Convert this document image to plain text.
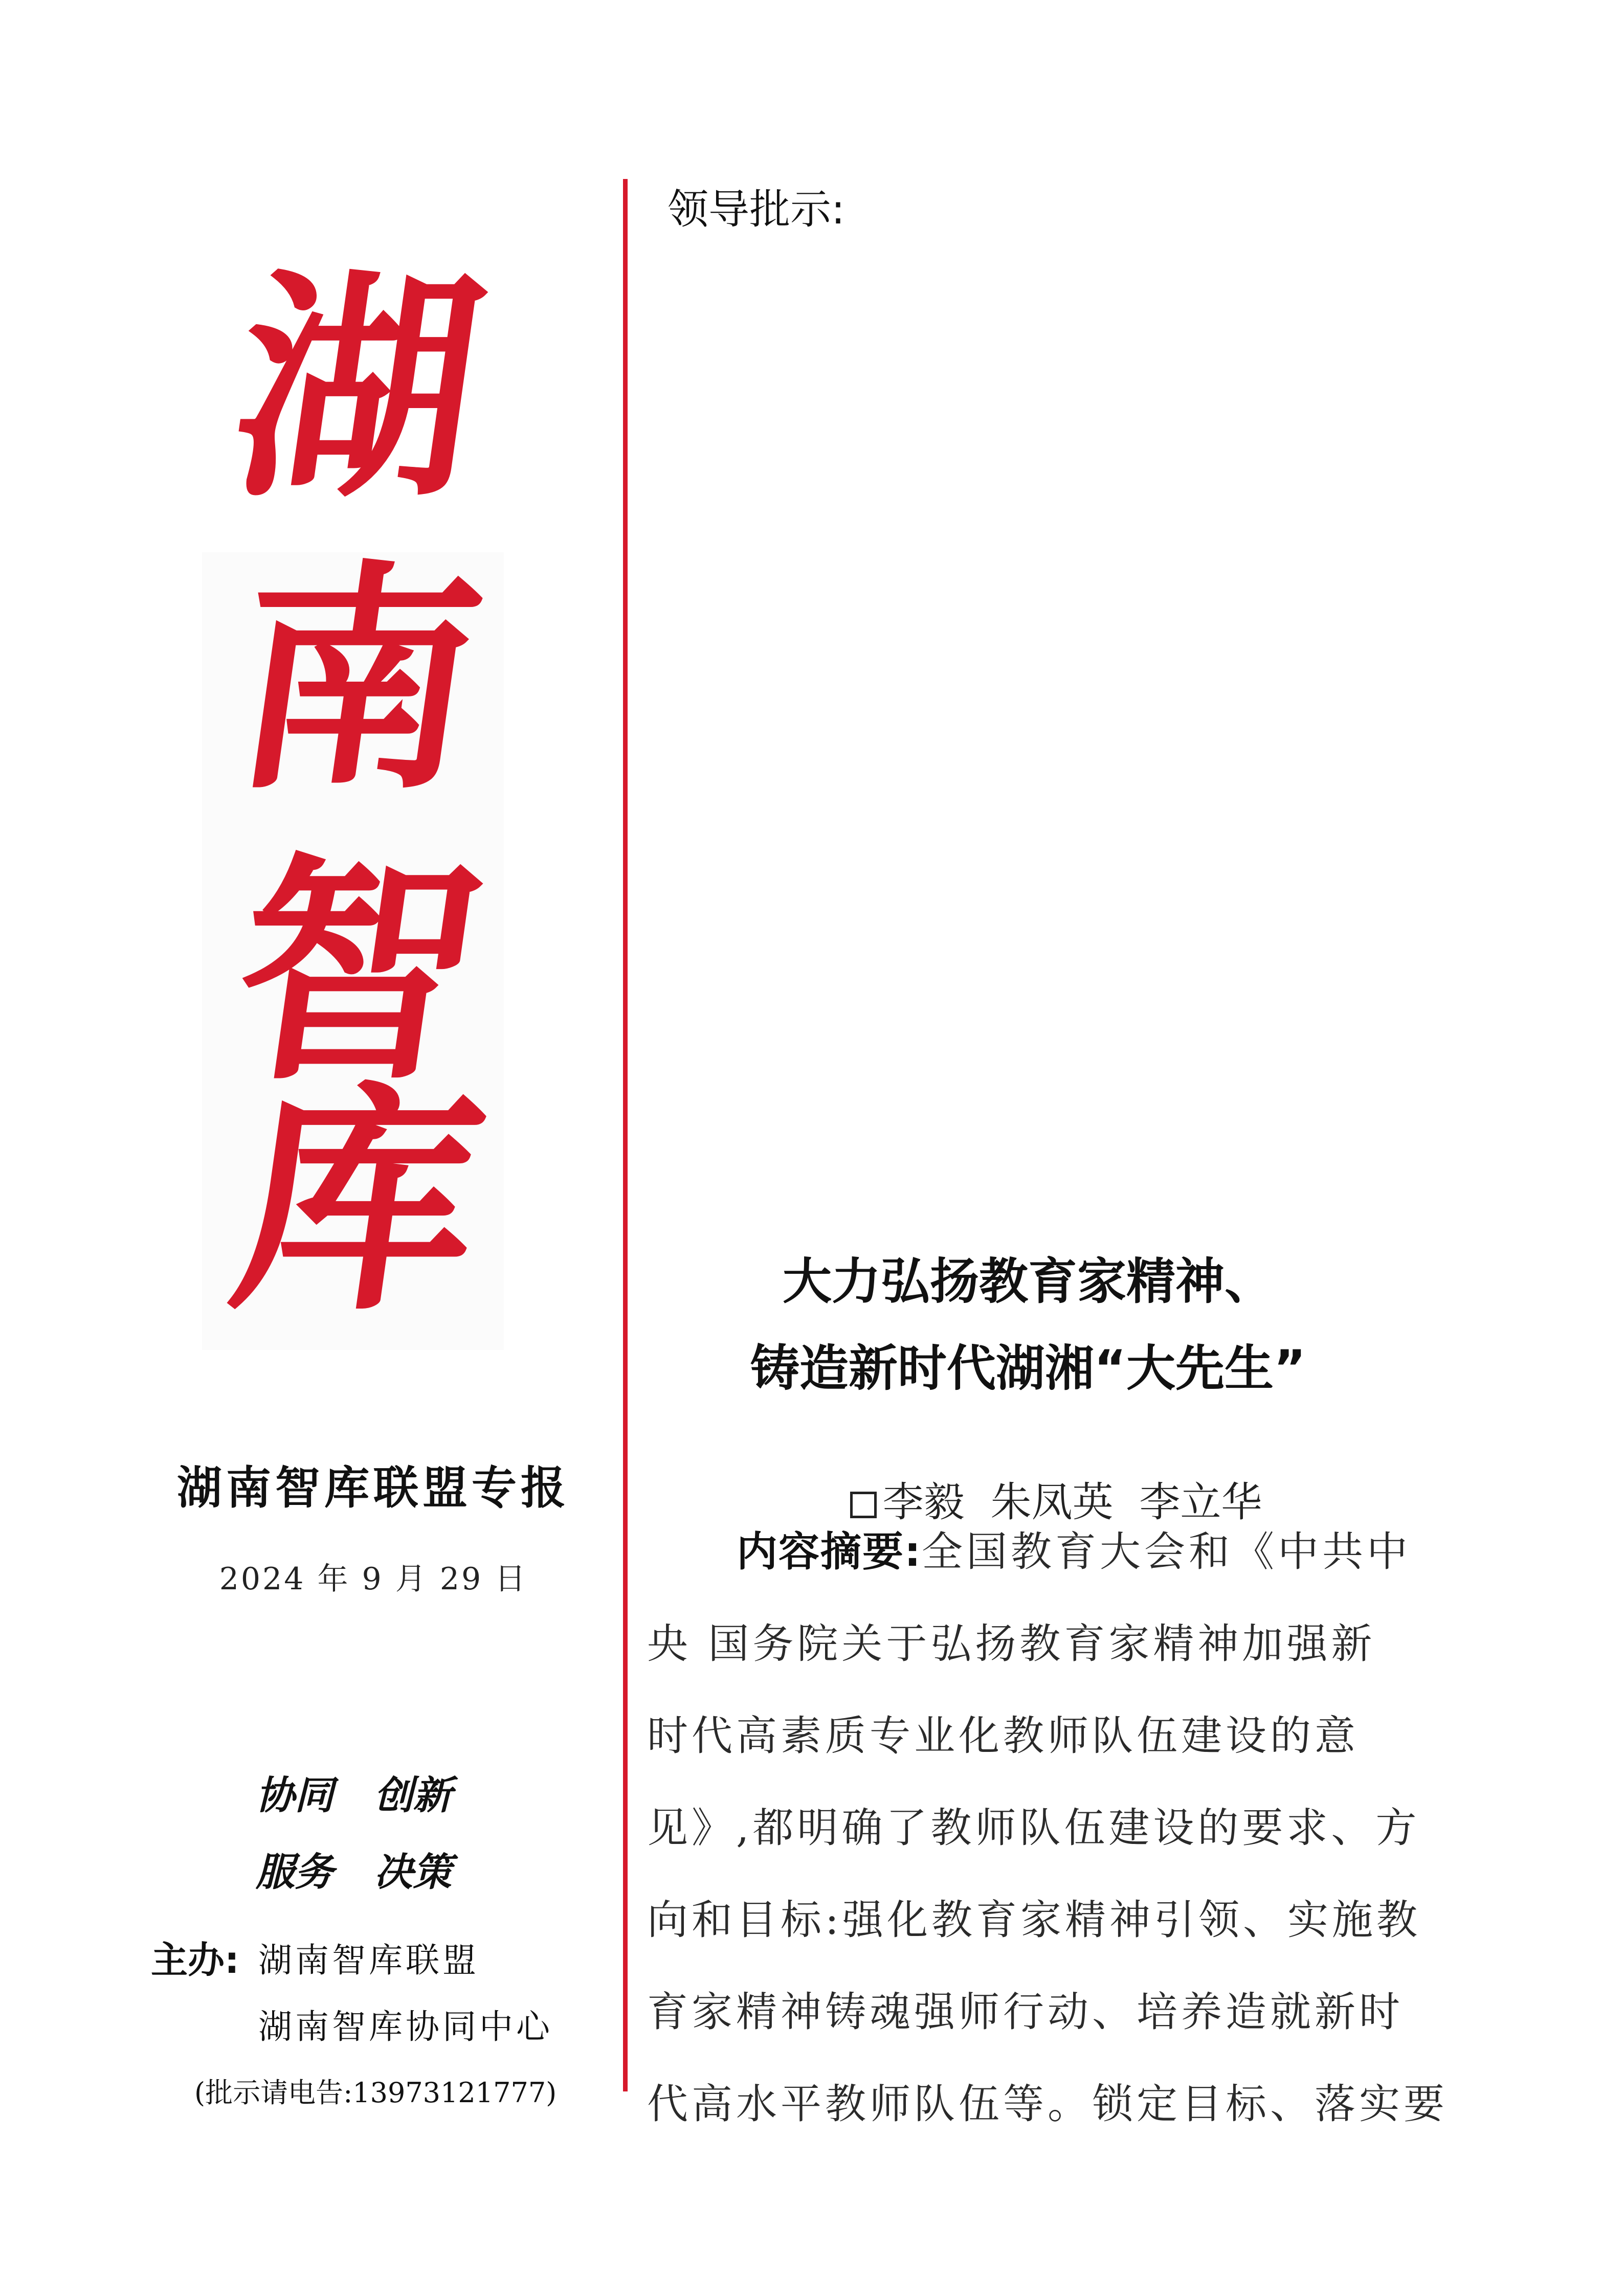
湖
南
智
库
湖南智库联盟专报
2024 年 9 月 29 日
协同   创新
服务   决策
主办: 湖南智库联盟
湖南智库协同中心
(批示请电告:13973121777)
领导批示:
大力弘扬教育家精神、
铸造新时代湖湘“大先生”

李毅  朱凤英  李立华

内容摘要:全国教育大会和《中共中
央 国务院关于弘扬教育家精神加强新
时代高素质专业化教师队伍建设的意
见》,都明确了教师队伍建设的要求、方
向和目标:强化教育家精神引领、实施教
育家精神铸魂强师行动、培养造就新时
代高水平教师队伍等。锁定目标、落实要
